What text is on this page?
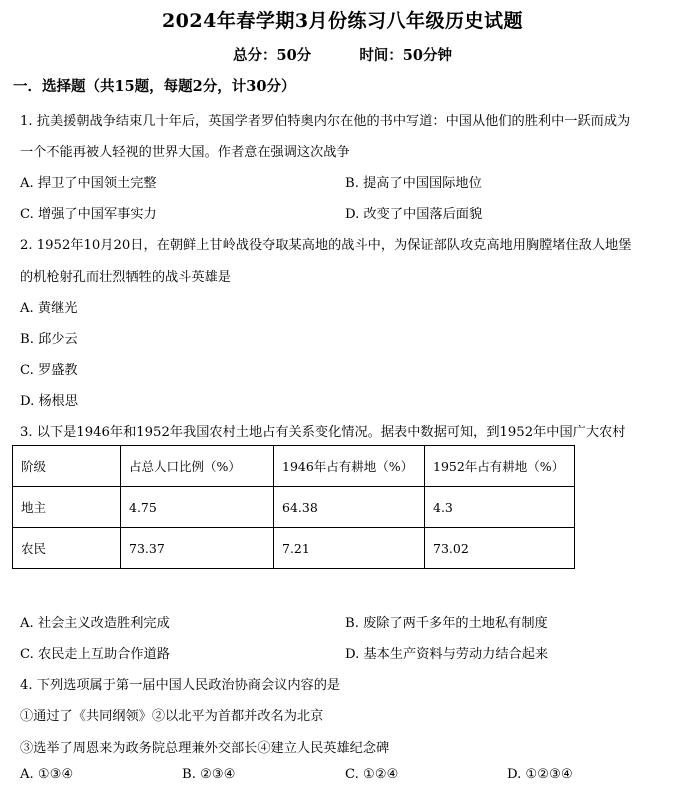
2024年春学期3月份练习八年级历史试题
总分：50分	时间：50分钟
一．选择题（共15题，每题2分，计30分）
1. 抗美援朝战争结束几十年后，英国学者罗伯特奥内尔在他的书中写道：中国从他们的胜利中一跃而成为
一个不能再被人轻视的世界大国。作者意在强调这次战争
A. 捍卫了中国领土完整	B. 提高了中国国际地位
C. 增强了中国军事实力	D. 改变了中国落后面貌
2. 1952年10月20日，在朝鲜上甘岭战役夺取某高地的战斗中，为保证部队攻克高地用胸膛堵住敌人地堡
的机枪射孔而壮烈牺牲的战斗英雄是
A. 黄继光
B. 邱少云
C. 罗盛教
D. 杨根思
3. 以下是1946年和1952年我国农村土地占有关系变化情况。据表中数据可知，到1952年中国广大农村
阶级	占总人口比例（%）	1946年占有耕地（%）	1952年占有耕地（%）
地主	4.75	64.38	4.3
农民	73.37	7.21	73.02
A. 社会主义改造胜利完成	B. 废除了两千多年的土地私有制度
C. 农民走上互助合作道路	D. 基本生产资料与劳动力结合起来
4. 下列选项属于第一届中国人民政治协商会议内容的是
①通过了《共同纲领》②以北平为首都并改名为北京
③选举了周恩来为政务院总理兼外交部长④建立人民英雄纪念碑
A. ①③④	B. ②③④	C. ①②④	D. ①②③④
